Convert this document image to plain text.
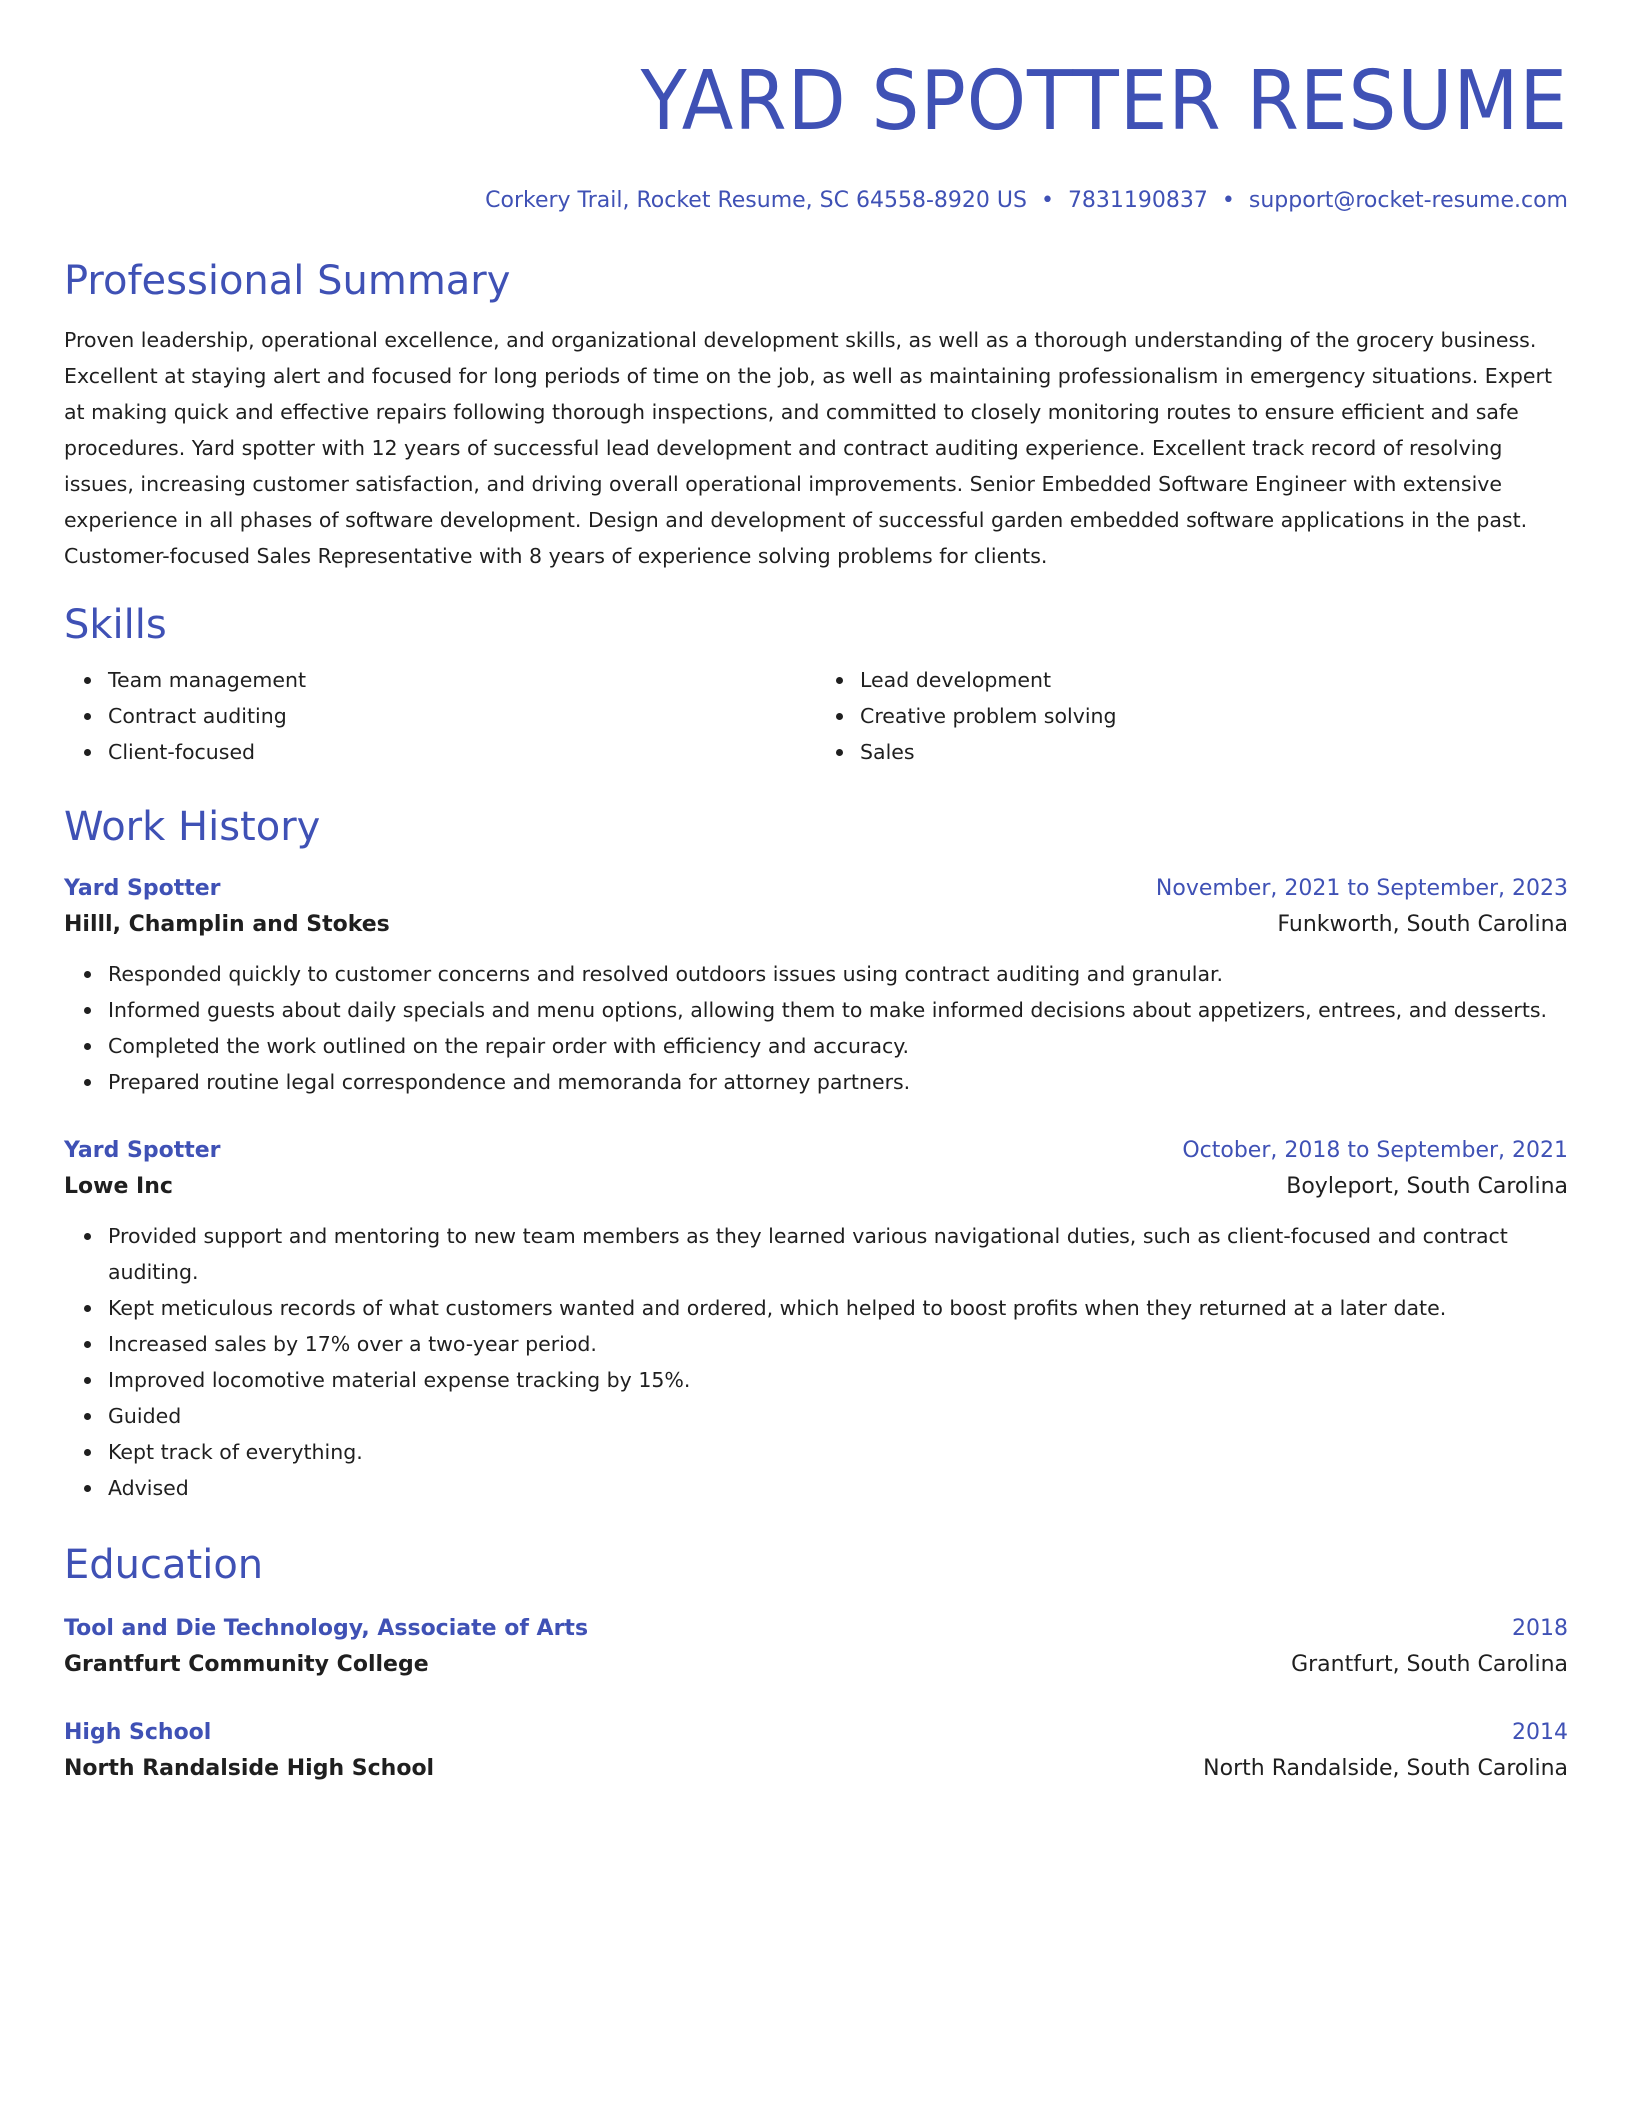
YARD SPOTTER RESUME
Corkery Trail, Rocket Resume, SC 64558-8920 US • 7831190837 • support@rocket-resume.com
Professional Summary

Proven leadership, operational excellence, and organizational development skills, as well as a thorough understanding of the grocery business. Excellent at staying alert and focused for long periods of time on the job, as well as maintaining professionalism in emergency situations. Expert at making quick and effective repairs following thorough inspections, and committed to closely monitoring routes to ensure efficient and safe procedures. Yard spotter with 12 years of successful lead development and contract auditing experience. Excellent track record of resolving issues, increasing customer satisfaction, and driving overall operational improvements. Senior Embedded Software Engineer with extensive experience in all phases of software development. Design and development of successful garden embedded software applications in the past. Customer-focused Sales Representative with 8 years of experience solving problems for clients.

Skills
Team management
Contract auditing
Client-focused
Lead development
Creative problem solving
Sales
Work History
Yard Spotter	November, 2021 to September, 2023
Hilll, Champlin and Stokes	Funkworth, South Carolina
Responded quickly to customer concerns and resolved outdoors issues using contract auditing and granular.
Informed guests about daily specials and menu options, allowing them to make informed decisions about appetizers, entrees, and desserts.
Completed the work outlined on the repair order with efficiency and accuracy.
Prepared routine legal correspondence and memoranda for attorney partners.
Yard Spotter	October, 2018 to September, 2021
Lowe Inc	Boyleport, South Carolina
Provided support and mentoring to new team members as they learned various navigational duties, such as client-focused and contract auditing.
Kept meticulous records of what customers wanted and ordered, which helped to boost profits when they returned at a later date.
Increased sales by 17% over a two-year period.
Improved locomotive material expense tracking by 15%.
Guided
Kept track of everything.
Advised
Education
Tool and Die Technology, Associate of Arts	2018
Grantfurt Community College	Grantfurt, South Carolina
High School	2014
North Randalside High School	North Randalside, South Carolina
